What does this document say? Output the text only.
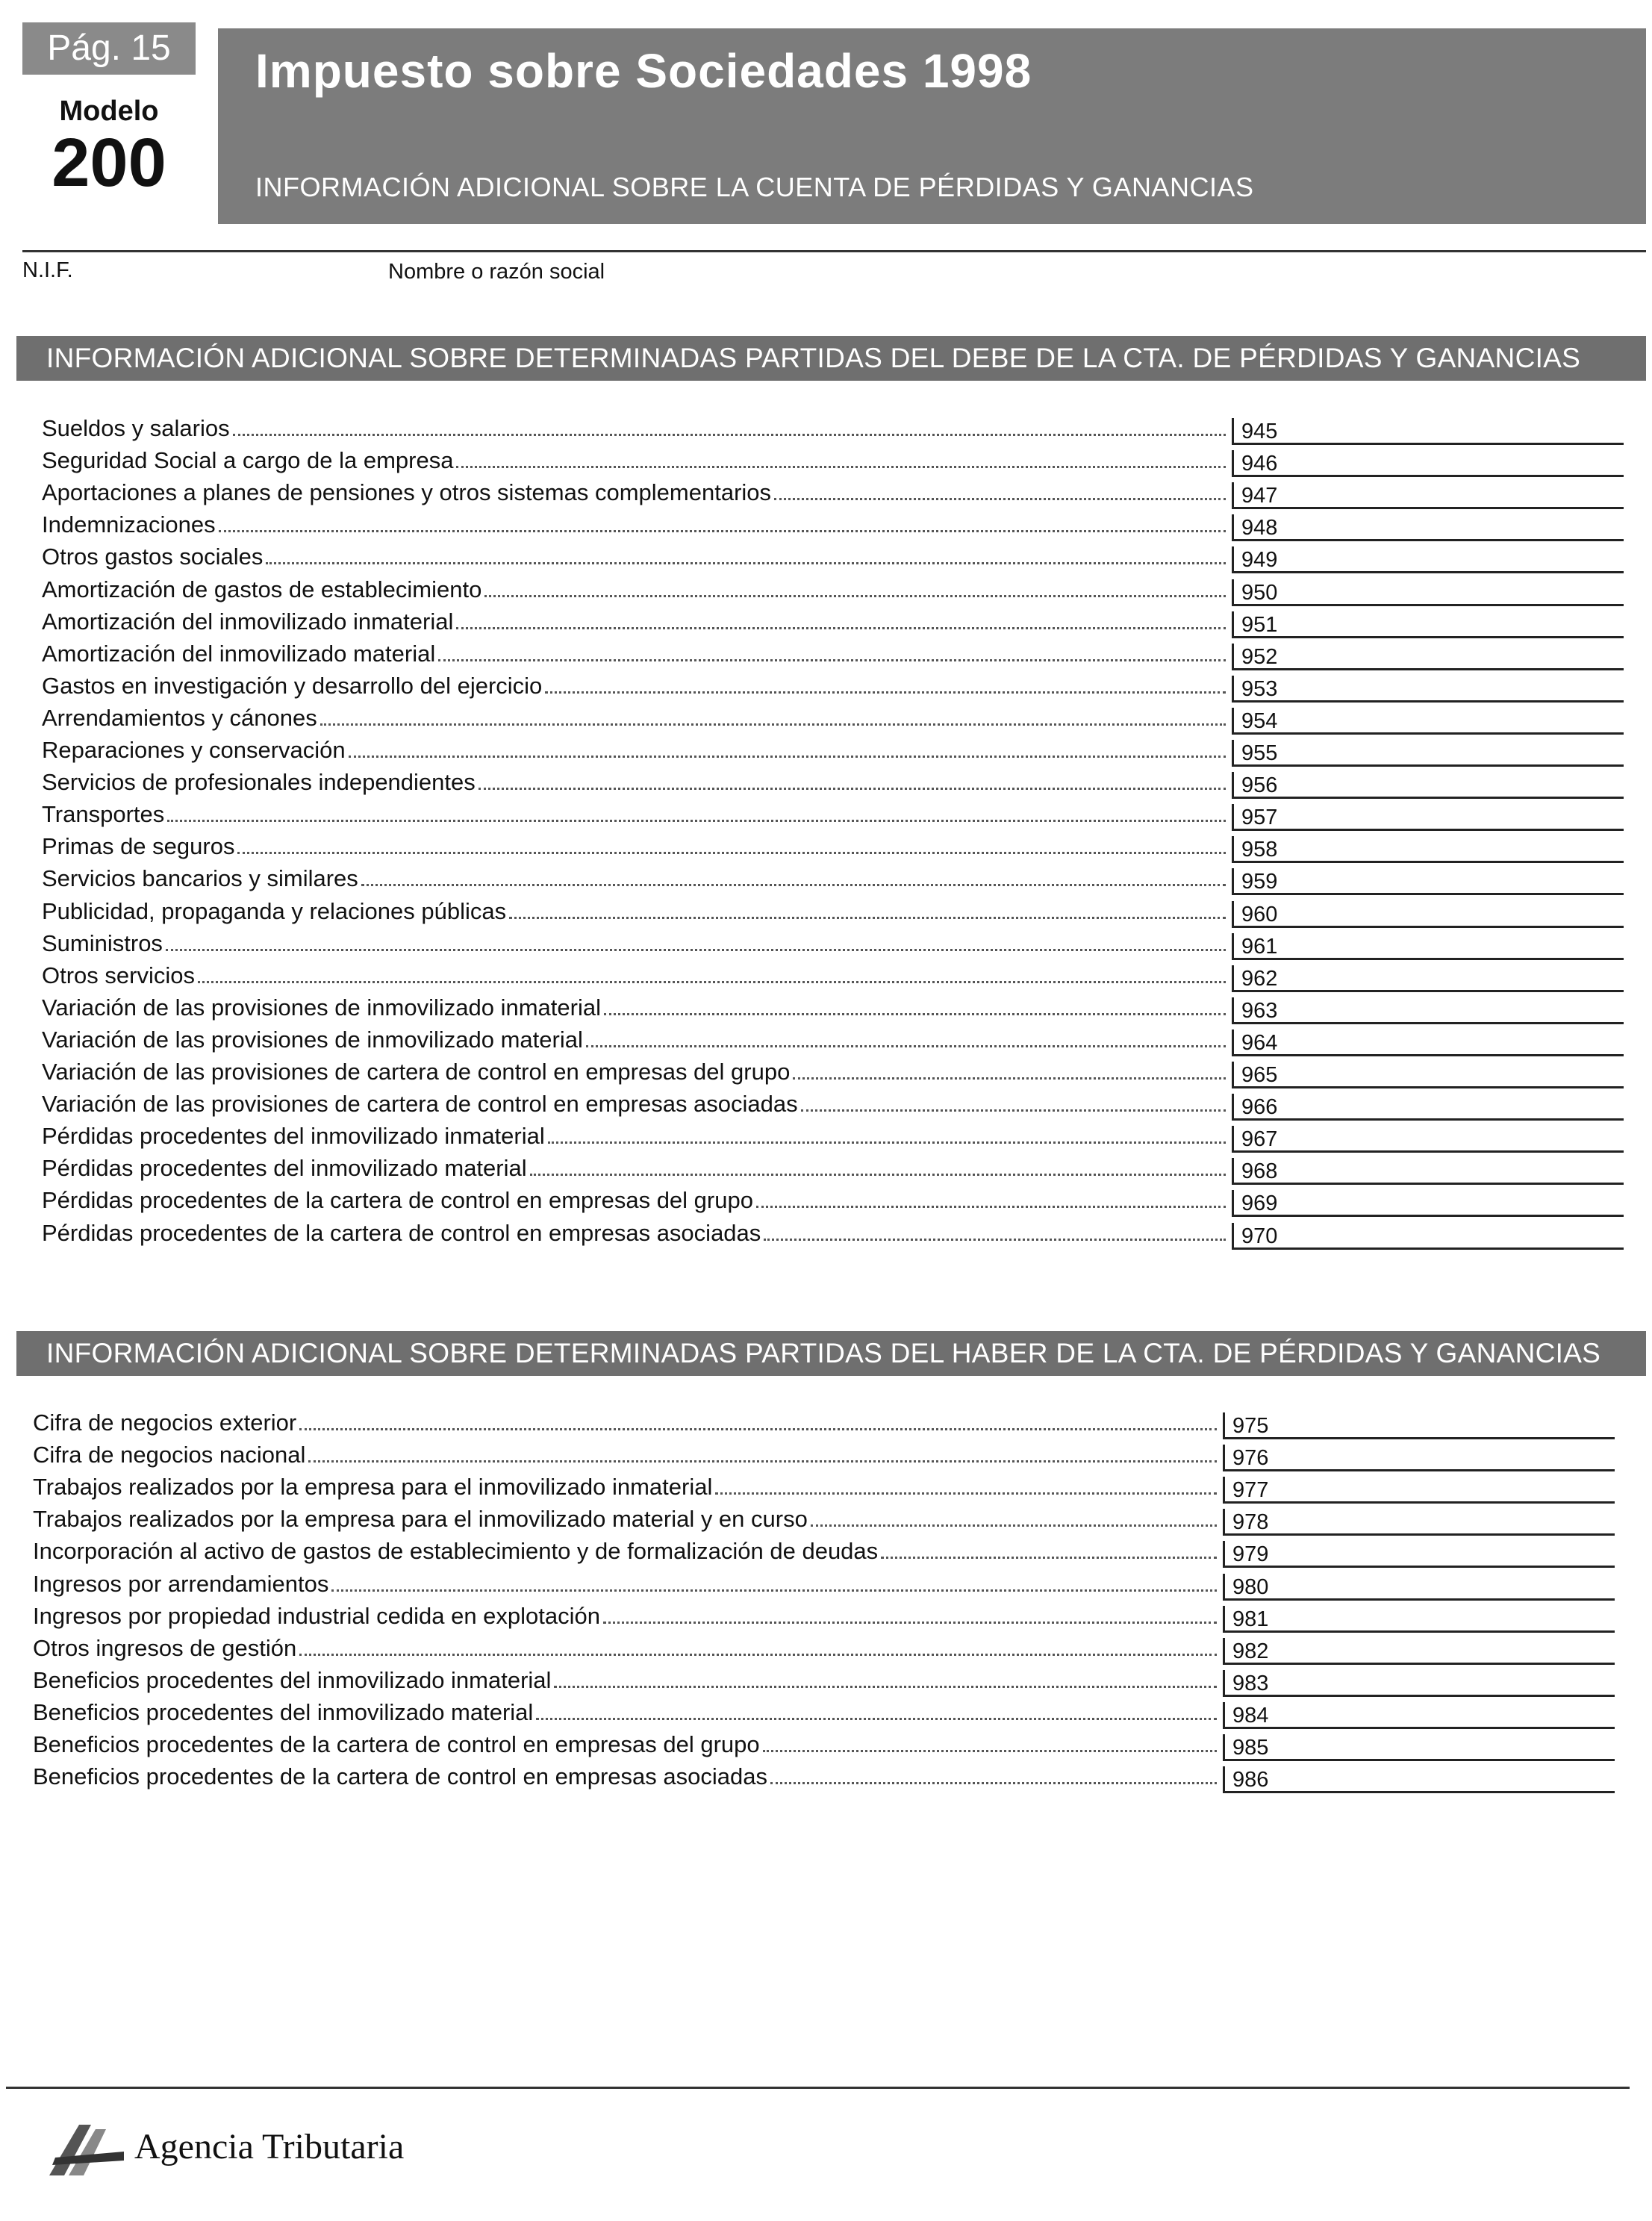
Pág. 15
Modelo
200
Impuesto sobre Sociedades 1998
INFORMACIÓN ADICIONAL SOBRE LA CUENTA DE PÉRDIDAS Y GANANCIAS
N.I.F.	Nombre o razón social
INFORMACIÓN ADICIONAL SOBRE DETERMINADAS PARTIDAS DEL DEBE DE LA CTA. DE PÉRDIDAS Y GANANCIAS
Sueldos y salarios	945
Seguridad Social a cargo de la empresa	946
Aportaciones a planes de pensiones y otros sistemas complementarios	947
Indemnizaciones	948
Otros gastos sociales	949
Amortización de gastos de establecimiento	950
Amortización del inmovilizado inmaterial	951
Amortización del inmovilizado material	952
Gastos en investigación y desarrollo del ejercicio	953
Arrendamientos y cánones	954
Reparaciones y conservación	955
Servicios de profesionales independientes	956
Transportes	957
Primas de seguros	958
Servicios bancarios y similares	959
Publicidad, propaganda y relaciones públicas	960
Suministros	961
Otros servicios	962
Variación de las provisiones de inmovilizado inmaterial	963
Variación de las provisiones de inmovilizado material	964
Variación de las provisiones de cartera de control en empresas del grupo	965
Variación de las provisiones de cartera de control en empresas asociadas	966
Pérdidas procedentes del inmovilizado inmaterial	967
Pérdidas procedentes del inmovilizado material	968
Pérdidas procedentes de la cartera de control en empresas del grupo	969
Pérdidas procedentes de la cartera de control en empresas asociadas	970
INFORMACIÓN ADICIONAL SOBRE DETERMINADAS PARTIDAS DEL HABER DE LA CTA. DE PÉRDIDAS Y GANANCIAS
Cifra de negocios exterior	975
Cifra de negocios nacional	976
Trabajos realizados por la empresa para el inmovilizado inmaterial	977
Trabajos realizados por la empresa para el inmovilizado material y en curso	978
Incorporación al activo de gastos de establecimiento y de formalización de deudas	979
Ingresos por arrendamientos	980
Ingresos por propiedad industrial cedida en explotación	981
Otros ingresos de gestión	982
Beneficios procedentes del inmovilizado inmaterial	983
Beneficios procedentes del inmovilizado material	984
Beneficios procedentes de la cartera de control en empresas del grupo	985
Beneficios procedentes de la cartera de control en empresas asociadas	986
Agencia Tributaria
